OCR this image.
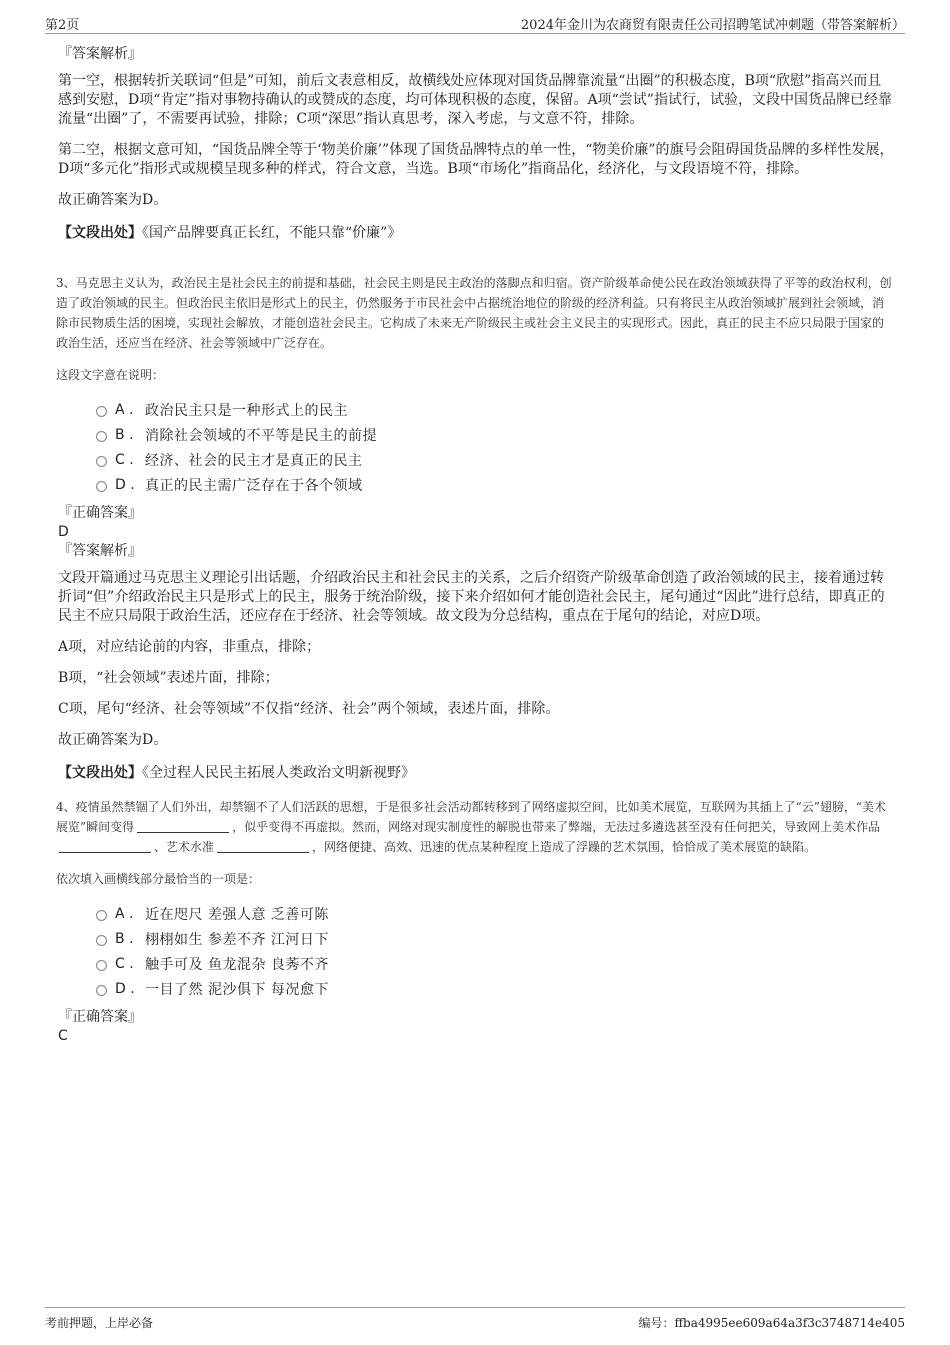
第2页	2024年金川为农商贸有限责任公司招聘笔试冲刺题（带答案解析）
『答案解析』

第一空，根据转折关联词“但是”可知，前后文表意相反，故横线处应体现对国货品牌靠流量“出圈”的积极态度，B项“欣慰”指高兴而且感到安慰，D项“肯定”指对事物持确认的或赞成的态度，均可体现积极的态度，保留。A项“尝试”指试行，试验，文段中国货品牌已经靠流量“出圈”了，不需要再试验，排除；C项“深思”指认真思考，深入考虑，与文意不符，排除。

第二空，根据文意可知，“国货品牌全等于‘物美价廉’”体现了国货品牌特点的单一性，“物美价廉”的旗号会阻碍国货品牌的多样性发展，D项“多元化”指形式或规模呈现多种的样式，符合文意，当选。B项“市场化”指商品化，经济化，与文段语境不符，排除。

故正确答案为D。

【文段出处】《国产品牌要真正长红，不能只靠“价廉”》
3、马克思主义认为，政治民主是社会民主的前提和基础，社会民主则是民主政治的落脚点和归宿。资产阶级革命使公民在政治领域获得了平等的政治权利，创造了政治领域的民主。但政治民主依旧是形式上的民主，仍然服务于市民社会中占据统治地位的阶级的经济利益。只有将民主从政治领域扩展到社会领域，消除市民物质生活的困境，实现社会解放，才能创造社会民主。它构成了未来无产阶级民主或社会主义民主的实现形式。因此，真正的民主不应只局限于国家的政治生活，还应当在经济、社会等领域中广泛存在。
这段文字意在说明：
A . 政治民主只是一种形式上的民主
B . 消除社会领域的不平等是民主的前提
C . 经济、社会的民主才是真正的民主
D . 真正的民主需广泛存在于各个领域
『正确答案』
D
『答案解析』

文段开篇通过马克思主义理论引出话题，介绍政治民主和社会民主的关系，之后介绍资产阶级革命创造了政治领域的民主，接着通过转折词“但”介绍政治民主只是形式上的民主，服务于统治阶级，接下来介绍如何才能创造社会民主，尾句通过“因此”进行总结，即真正的民主不应只局限于政治生活，还应存在于经济、社会等领域。故文段为分总结构，重点在于尾句的结论，对应D项。

A项，对应结论前的内容，非重点，排除；

B项，“社会领域”表述片面，排除；

C项，尾句“经济、社会等领域”不仅指“经济、社会”两个领域，表述片面，排除。

故正确答案为D。

【文段出处】《全过程人民民主拓展人类政治文明新视野》
4、疫情虽然禁锢了人们外出，却禁锢不了人们活跃的思想，于是很多社会活动都转移到了网络虚拟空间，比如美术展览，互联网为其插上了“云”翅膀，“美术展览”瞬间变得	，似乎变得不再虚拟。然而，网络对现实制度性的解脱也带来了弊端，无法过多遴选甚至没有任何把关，导致网上美术作品、艺术水准	，网络便捷、高效、迅速的优点某种程度上造成了浮躁的艺术氛围，恰恰成了美术展览的缺陷。
依次填入画横线部分最恰当的一项是：
A . 近在咫尺 差强人意 乏善可陈
B . 栩栩如生 参差不齐 江河日下
C . 触手可及 鱼龙混杂 良莠不齐
D . 一目了然 泥沙俱下 每况愈下
『正确答案』
C
考前押题，上岸必备	编号：ffba4995ee609a64a3f3c3748714e405
